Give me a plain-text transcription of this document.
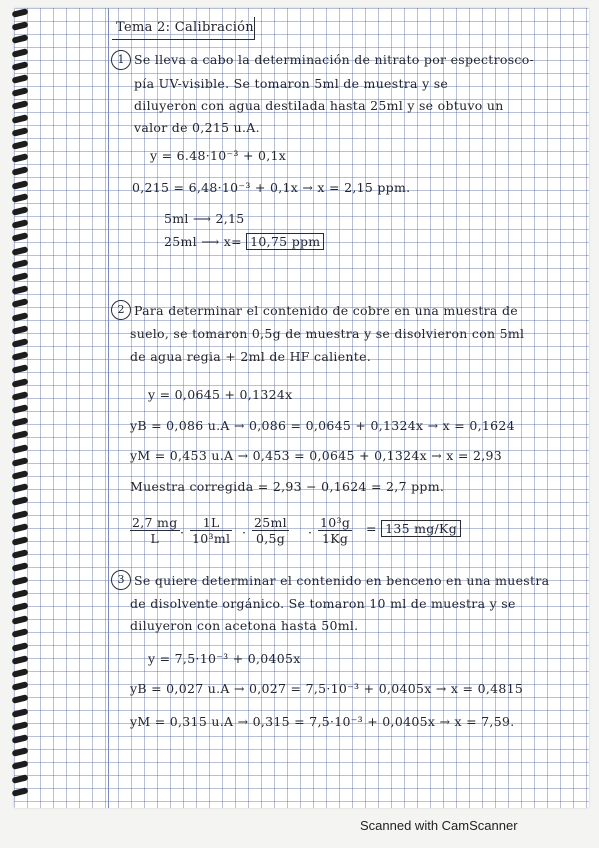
Tema 2: Calibración
1 Se lleva a cabo la determinación de nitrato por espectrosco-
pía UV-visible. Se tomaron 5ml de muestra y se
diluyeron con agua destilada hasta 25ml y se obtuvo un
valor de 0,215 u.A.
y = 6.48·10⁻³ + 0,1x
0,215 = 6,48·10⁻³ + 0,1x → x = 2,15 ppm.
5ml ⟶ 2,15
25ml ⟶ x= 10,75 ppm
2 Para determinar el contenido de cobre en una muestra de
suelo, se tomaron 0,5g de muestra y se disolvieron con 5ml
de agua regia + 2ml de HF caliente.
y = 0,0645 + 0,1324x
yB = 0,086 u.A → 0,086 = 0,0645 + 0,1324x → x = 0,1624
yM = 0,453 u.A → 0,453 = 0,0645 + 0,1324x → x = 2,93
Muestra corregida = 2,93 − 0,1624 = 2,7 ppm.
$\frac{2,7 mg}{L} \cdot \frac{1L}{\text{10³ml}} \cdot \frac{25ml}{0,5g} \cdot \frac{\text{10³g}}{1Kg} = 135$ mg/Kg
3 Se quiere determinar el contenido en benceno en una muestra
de disolvente orgánico. Se tomaron 10 ml de muestra y se
diluyeron con acetona hasta 50ml.
y = 7,5·10⁻³ + 0,0405x
yB = 0,027 u.A → 0,027 = 7,5·10⁻³ + 0,0405x → x = 0,4815
yM = 0,315 u.A → 0,315 = 7,5·10⁻³ + 0,0405x → x = 7,59.
Scanned with CamScanner
